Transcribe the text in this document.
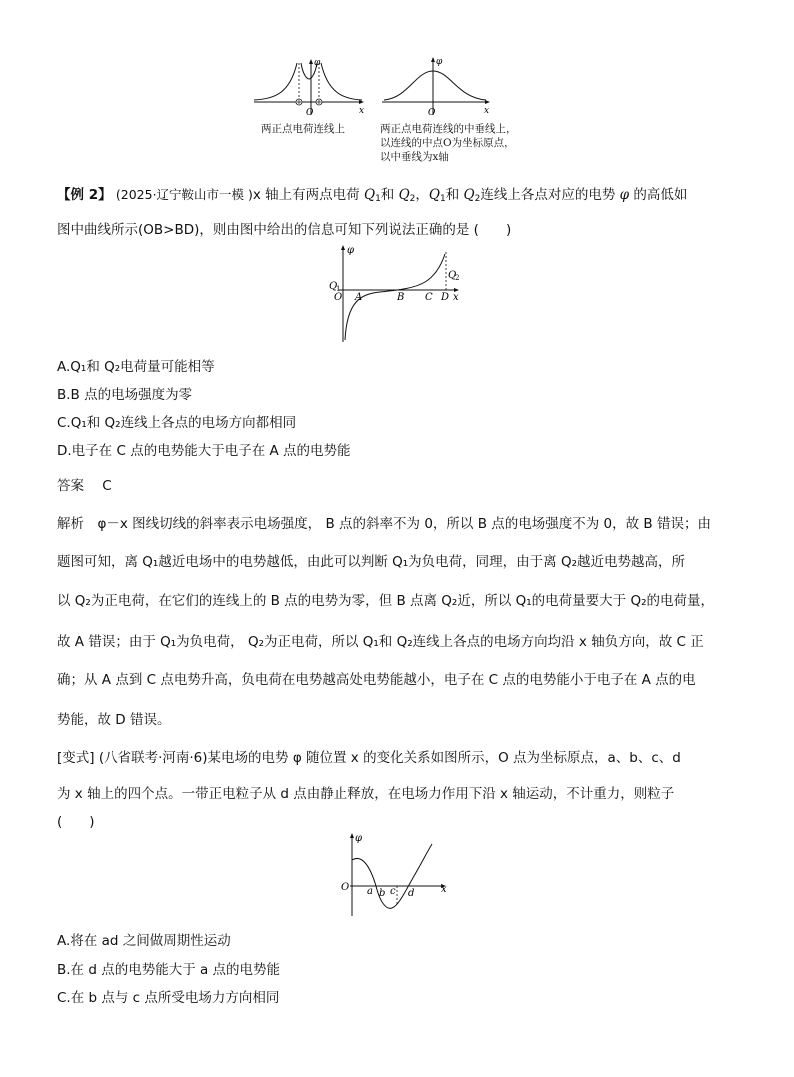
φ
O	x
两正点电荷连线上
φ
O	x
两正点电荷连线的中垂线上，
以连线的中点O为坐标原点，
以中垂线为x轴
【例 2】 (2025·辽宁鞍山市一模 )x 轴上有两点电荷 $Q_1$和 $Q_2$，$Q_1$和 $Q_2$连线上各点对应的电势 φ 的高低如
图中曲线所示(OB>BD)，则由图中给出的信息可知下列说法正确的是 (　　)
Q
1
Q
2
φ
O A	B C D x
A.Q₁和 Q₂电荷量可能相等
B.B 点的电场强度为零
C.Q₁和 Q₂连线上各点的电场方向都相同
D.电子在 C 点的电势能大于电子在 A 点的电势能
答案 C
解析　φ－x 图线切线的斜率表示电场强度， B 点的斜率不为 0，所以 B 点的电场强度不为 0，故 B 错误；由
题图可知，离 Q₁越近电场中的电势越低，由此可以判断 Q₁为负电荷，同理，由于离 Q₂越近电势越高，所
以 Q₂为正电荷，在它们的连线上的 B 点的电势为零，但 B 点离 Q₂近，所以 Q₁的电荷量要大于 Q₂的电荷量，
故 A 错误；由于 Q₁为负电荷， Q₂为正电荷，所以 Q₁和 Q₂连线上各点的电场方向均沿 x 轴负方向，故 C 正
确；从 A 点到 C 点电势升高，负电荷在电势越高处电势能越小，电子在 C 点的电势能小于电子在 A 点的电
势能，故 D 错误。
[变式] (八省联考·河南·6)某电场的电势 φ 随位置 x 的变化关系如图所示，O 点为坐标原点，a、b、c、d
为 x 轴上的四个点。一带正电粒子从 d 点由静止释放，在电场力作用下沿 x 轴运动，不计重力，则粒子
(　　)
φ
O a b c d	x
A.将在 ad 之间做周期性运动
B.在 d 点的电势能大于 a 点的电势能
C.在 b 点与 c 点所受电场力方向相同
